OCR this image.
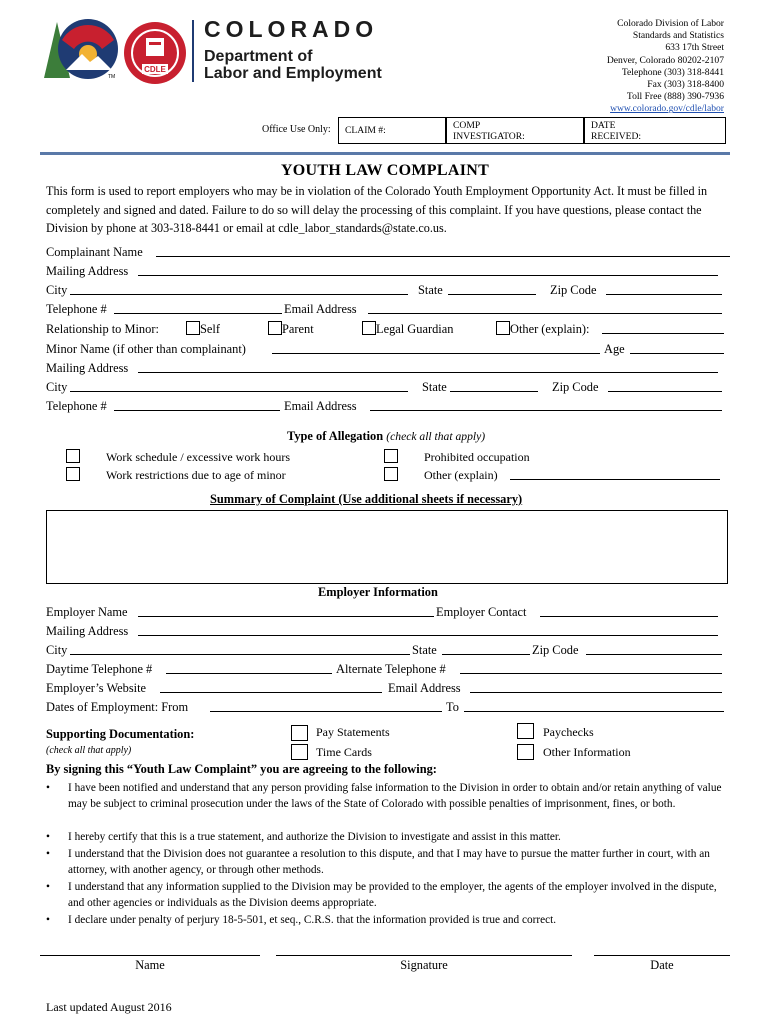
CDLE
COLORADO
Department of
Labor and Employment
TM
Colorado Division of Labor
Standards and Statistics
633 17th Street
Denver, Colorado 80202-2107
Telephone (303) 318-8441
Fax (303) 318-8400
Toll Free (888) 390-7936
www.colorado.gov/cdle/labor
Office Use Only:	CLAIM #:	COMP
INVESTIGATOR:
DATE
RECEIVED:
YOUTH LAW COMPLAINT
This form is used to report employers who may be in violation of the Colorado Youth Employment Opportunity Act. It must be filled in completely and signed and dated. Failure to do so will delay the processing of this complaint. If you have questions, please contact the Division by phone at 303-318-8441 or email at cdle_labor_standards@state.co.us.
Complainant Name
Mailing Address
City	State	Zip Code
Telephone #	Email Address
Relationship to Minor:	Self	Parent	Legal Guardian	Other (explain):
Minor Name (if other than complainant)	Age
Mailing Address
City	State	Zip Code
Telephone #	Email Address
Type of Allegation (check all that apply)
Work schedule / excessive work hours	Prohibited occupation
Work restrictions due to age of minor	Other (explain)
Summary of Complaint (Use additional sheets if necessary)
Employer Information
Employer Name	Employer Contact
Mailing Address
City	State	Zip Code
Daytime Telephone #	Alternate Telephone #
Employer’s Website	Email Address
Dates of Employment: From	To
Supporting Documentation:
(check all that apply)
Pay Statements
Time Cards
Paychecks
Other Information
By signing this “Youth Law Complaint” you are agreeing to the following:
• I have been notified and understand that any person providing false information to the Division in order to obtain and/or retain anything of value may be subject to criminal prosecution under the laws of the State of Colorado with possible penalties of imprisonment, fines, or both.
• I hereby certify that this is a true statement, and authorize the Division to investigate and assist in this matter.
• I understand that the Division does not guarantee a resolution to this dispute, and that I may have to pursue the matter further in court, with an attorney, with another agency, or through other methods.
• I understand that any information supplied to the Division may be provided to the employer, the agents of the employer involved in the dispute, and other agencies or individuals as the Division deems appropriate.
• I declare under penalty of perjury 18-5-501, et seq., C.R.S. that the information provided is true and correct.
Name	Signature	Date
Last updated August 2016
